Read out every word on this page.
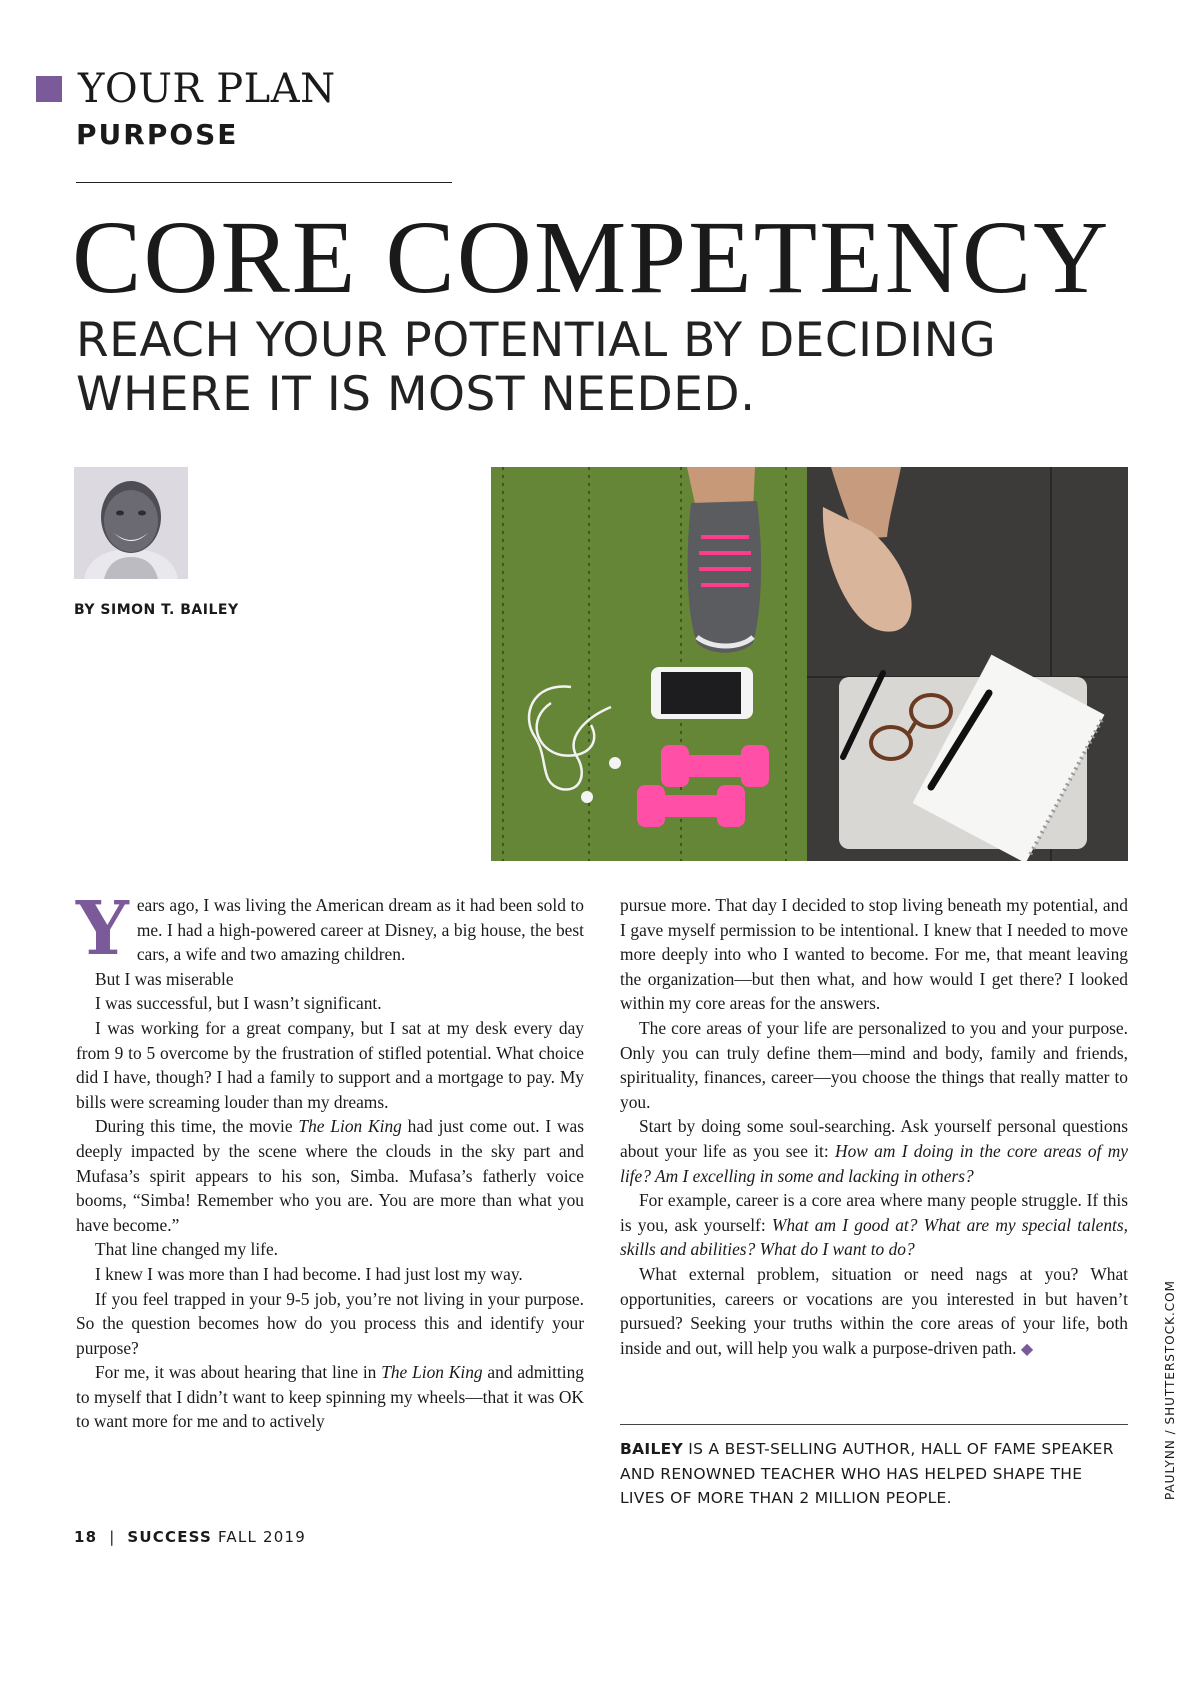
YOUR PLAN
PURPOSE
CORE COMPETENCY
REACH YOUR POTENTIAL BY DECIDING WHERE IT IS MOST NEEDED.
BY SIMON T. BAILEY

Years ago, I was living the American dream as it had been sold to me. I had a high-powered career at Disney, a big house, the best cars, a wife and two amazing children.

But I was miserable

I was successful, but I wasn’t significant.

I was working for a great company, but I sat at my desk every day from 9 to 5 overcome by the frustration of stifled potential. What choice did I have, though? I had a family to support and a mortgage to pay. My bills were screaming louder than my dreams.

During this time, the movie The Lion King had just come out. I was deeply impacted by the scene where the clouds in the sky part and Mufasa’s spirit appears to his son, Simba. Mufasa’s fatherly voice booms, “Simba! Remember who you are. You are more than what you have become.”

That line changed my life.

I knew I was more than I had become. I had just lost my way.

If you feel trapped in your 9-5 job, you’re not living in your purpose. So the question becomes how do you process this and identify your purpose?

For me, it was about hearing that line in The Lion King and admitting to myself that I didn’t want to keep spinning my wheels—that it was OK to want more for me and to actively

pursue more. That day I decided to stop living beneath my potential, and I gave myself permission to be intentional. I knew that I needed to move more deeply into who I wanted to become. For me, that meant leaving the organization—but then what, and how would I get there? I looked within my core areas for the answers.

The core areas of your life are personalized to you and your purpose. Only you can truly define them—mind and body, family and friends, spirituality, finances, career—you choose the things that really matter to you.

Start by doing some soul-searching. Ask yourself personal questions about your life as you see it: How am I doing in the core areas of my life? Am I excelling in some and lacking in others?

For example, career is a core area where many people struggle. If this is you, ask yourself: What am I good at? What are my special talents, skills and abilities? What do I want to do?

What external problem, situation or need nags at you? What opportunities, careers or vocations are you interested in but haven’t pursued? Seeking your truths within the core areas of your life, both inside and out, will help you walk a purpose-driven path. ◆

BAILEY IS A BEST-SELLING AUTHOR, HALL OF FAME SPEAKER AND RENOWNED TEACHER WHO HAS HELPED SHAPE THE LIVES OF MORE THAN 2 MILLION PEOPLE.	PAULYNN / SHUTTERSTOCK.COM
18 | SUCCESS FALL 2019
